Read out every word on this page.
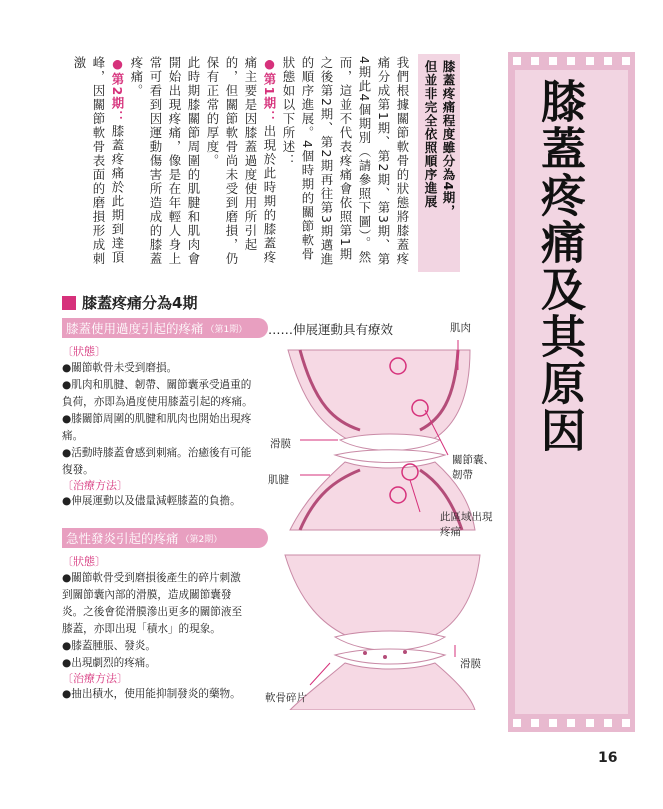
膝蓋疼痛及其原因
膝蓋疼痛程度雖分為4期，
但並非完全依照順序進展
我們根據關節軟骨的狀態將膝蓋疼痛分成第1期、第2期、第3期、第4期此4個期別（請參照下圖）。然而，這並不代表疼痛會依照第1期之後第2期、第2期再往第3期邁進的順序進展。4個時期的關節軟骨狀態如以下所述：
●第1期：出現於此時期的膝蓋疼痛主要是因膝蓋過度使用所引起的，但關節軟骨尚未受到磨損，仍保有正常的厚度。
此時期膝關節周圍的肌腱和肌肉會開始出現疼痛，像是在年輕人身上常可看到因運動傷害所造成的膝蓋疼痛。
●第2期：膝蓋疼痛於此期到達頂峰，因關節軟骨表面的磨損形成刺激
膝蓋疼痛分為4期
膝蓋使用過度引起的疼痛 （第1期） ……伸展運動具有療效
〔狀態〕
●關節軟骨未受到磨損。
●肌肉和肌腱、韌帶、關節囊承受過重的
負荷，亦即為過度使用膝蓋引起的疼痛。
●膝關節周圍的肌腱和肌肉也開始出現疼
痛。
●活動時膝蓋會感到刺痛。治癒後有可能
復發。
〔治療方法〕
●伸展運動以及儘量減輕膝蓋的負擔。
急性發炎引起的疼痛 （第2期）
〔狀態〕
●關節軟骨受到磨損後產生的碎片刺激
到關節囊內部的滑膜，造成關節囊發
炎。之後會從滑膜滲出更多的關節液至
膝蓋，亦即出現「積水」的現象。
●膝蓋腫脹、發炎。
●出現劇烈的疼痛。
〔治療方法〕
●抽出積水，使用能抑制發炎的藥物。
肌肉
滑膜
肌腱
關節囊、
韌帶
此區域出現
疼痛
滑膜
軟骨碎片
16
